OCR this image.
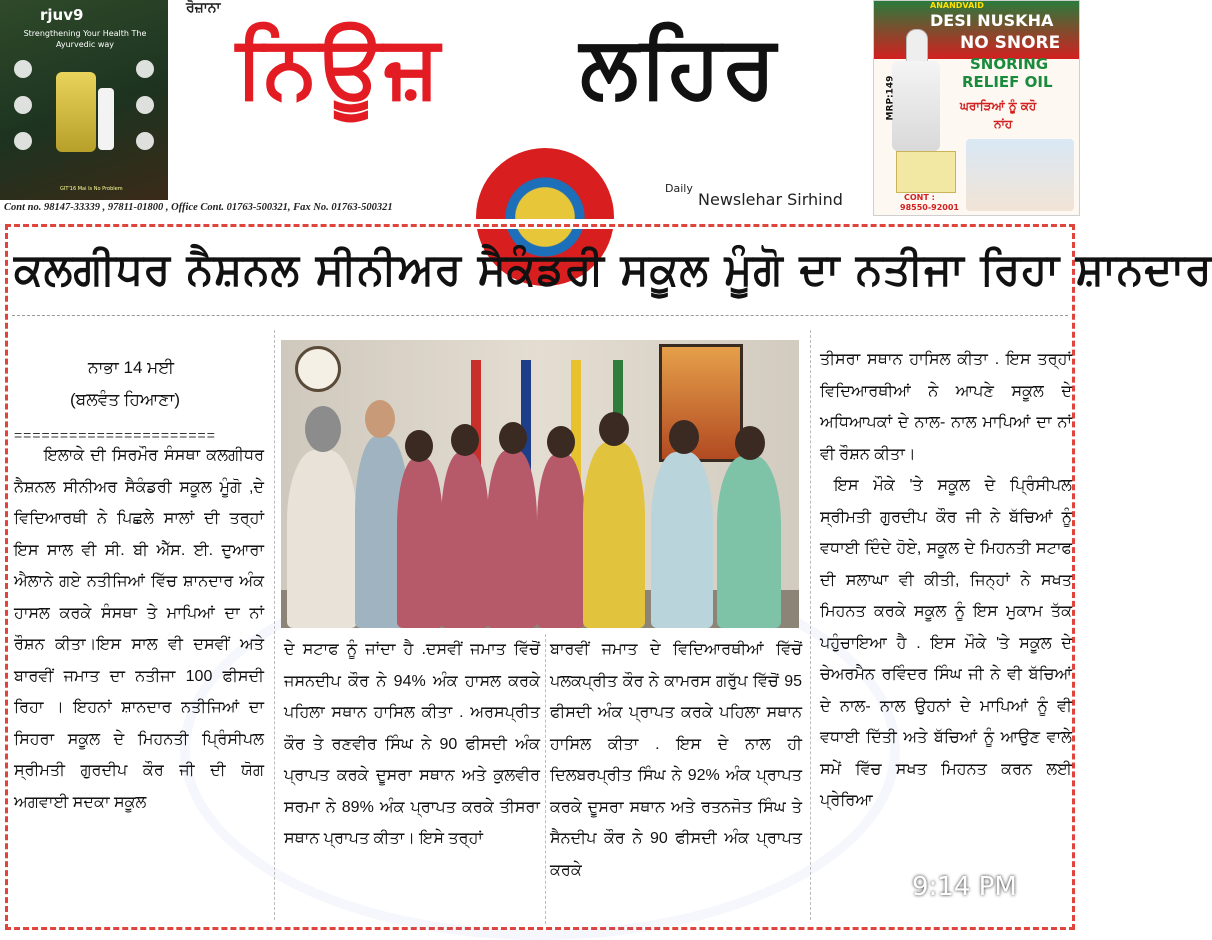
rjuv9
Strengthening Your Health The Ayurvedic way
GIT'16 Mai Is No Problem
ਰੋਜ਼ਾਨਾ
ਨਿਊਜ਼ ਲਹਿਰ
Cont no. 98147-33339 , 97811-01800 , Office Cont. 01763-500321, Fax No. 01763-500321
Daily
Newslehar Sirhind
ANANDVAID
DESI NUSKHA
NO SNORE
SNORING
RELIEF OIL
ਘਰਾੜਿਆਂ ਨੂੰ ਕਹੋ
ਨਾਂਹ
MRP:149
CONT :
98550-92001
ਕਲਗੀਧਰ ਨੈਸ਼ਨਲ ਸੀਨੀਅਰ ਸੈਕੰਡਰੀ ਸਕੂਲ ਮੂੰਗੋ ਦਾ ਨਤੀਜਾ ਰਿਹਾ ਸ਼ਾਨਦਾਰ
ਨਾਭਾ 14 ਮਈ
(ਬਲਵੰਤ ਹਿਆਣਾ)
======================

ਇਲਾਕੇ ਦੀ ਸਿਰਮੌਰ ਸੰਸਥਾ ਕਲਗੀਧਰ ਨੈਸ਼ਨਲ ਸੀਨੀਅਰ ਸੈਕੰਡਰੀ ਸਕੂਲ ਮੂੰਗੋ ,ਦੇ ਵਿਦਿਆਰਥੀ ਨੇ ਪਿਛਲੇ ਸਾਲਾਂ ਦੀ ਤਰ੍ਹਾਂ ਇਸ ਸਾਲ ਵੀ ਸੀ. ਬੀ ਐੱਸ. ਈ. ਦੁਆਰਾ ਐਲਾਨੇ ਗਏ ਨਤੀਜਿਆਂ ਵਿੱਚ ਸ਼ਾਨਦਾਰ ਅੰਕ ਹਾਸਲ ਕਰਕੇ ਸੰਸਥਾ ਤੇ ਮਾਪਿਆਂ ਦਾ ਨਾਂ ਰੌਸ਼ਨ ਕੀਤਾ।ਇਸ ਸਾਲ ਵੀ ਦਸਵੀਂ ਅਤੇ ਬਾਰਵੀਂ ਜਮਾਤ ਦਾ ਨਤੀਜਾ 100 ਫੀਸਦੀ ਰਿਹਾ । ਇਹਨਾਂ ਸ਼ਾਨਦਾਰ ਨਤੀਜਿਆਂ ਦਾ ਸਿਹਰਾ ਸਕੂਲ ਦੇ ਮਿਹਨਤੀ ਪ੍ਰਿੰਸੀਪਲ ਸ੍ਰੀਮਤੀ ਗੁਰਦੀਪ ਕੌਰ ਜੀ ਦੀ ਯੋਗ ਅਗਵਾਈ ਸਦਕਾ ਸਕੂਲ

ਦੇ ਸਟਾਫ ਨੂੰ ਜਾਂਦਾ ਹੈ .ਦਸਵੀਂ ਜਮਾਤ ਵਿੱਚੋਂ ਜਸਨਦੀਪ ਕੌਰ ਨੇ 94% ਅੰਕ ਹਾਸਲ ਕਰਕੇ ਪਹਿਲਾ ਸਥਾਨ ਹਾਸਿਲ ਕੀਤਾ . ਅਰਸਪ੍ਰੀਤ ਕੌਰ ਤੇ ਰਣਵੀਰ ਸਿੰਘ ਨੇ 90 ਫੀਸਦੀ ਅੰਕ ਪ੍ਰਾਪਤ ਕਰਕੇ ਦੂਸਰਾ ਸਥਾਨ ਅਤੇ ਕੁਲਵੀਰ ਸਰਮਾ ਨੇ 89% ਅੰਕ ਪ੍ਰਾਪਤ ਕਰਕੇ ਤੀਸਰਾ ਸਥਾਨ ਪ੍ਰਾਪਤ ਕੀਤਾ। ਇਸੇ ਤਰ੍ਹਾਂ

ਬਾਰਵੀਂ ਜਮਾਤ ਦੇ ਵਿਦਿਆਰਥੀਆਂ ਵਿੱਚੋਂ ਪਲਕਪ੍ਰੀਤ ਕੌਰ ਨੇ ਕਾਮਰਸ ਗਰੁੱਪ ਵਿੱਚੋਂ 95 ਫੀਸਦੀ ਅੰਕ ਪ੍ਰਾਪਤ ਕਰਕੇ ਪਹਿਲਾ ਸਥਾਨ ਹਾਸਿਲ ਕੀਤਾ . ਇਸ ਦੇ ਨਾਲ ਹੀ ਦਿਲਬਰਪ੍ਰੀਤ ਸਿੰਘ ਨੇ 92% ਅੰਕ ਪ੍ਰਾਪਤ ਕਰਕੇ ਦੂਸਰਾ ਸਥਾਨ ਅਤੇ ਰਤਨਜੋਤ ਸਿੰਘ ਤੇ ਸੈਨਦੀਪ ਕੌਰ ਨੇ 90 ਫੀਸਦੀ ਅੰਕ ਪ੍ਰਾਪਤ ਕਰਕੇ

ਤੀਸਰਾ ਸਥਾਨ ਹਾਸਿਲ ਕੀਤਾ . ਇਸ ਤਰ੍ਹਾਂ ਵਿਦਿਆਰਥੀਆਂ ਨੇ ਆਪਣੇ ਸਕੂਲ ਦੇ ਅਧਿਆਪਕਾਂ ਦੇ ਨਾਲ- ਨਾਲ ਮਾਪਿਆਂ ਦਾ ਨਾਂ ਵੀ ਰੌਸ਼ਨ ਕੀਤਾ।

ਇਸ ਮੌਕੇ 'ਤੇ ਸਕੂਲ ਦੇ ਪ੍ਰਿੰਸੀਪਲ ਸ੍ਰੀਮਤੀ ਗੁਰਦੀਪ ਕੌਰ ਜੀ ਨੇ ਬੱਚਿਆਂ ਨੂੰ ਵਧਾਈ ਦਿੰਦੇ ਹੋਏ, ਸਕੂਲ ਦੇ ਮਿਹਨਤੀ ਸਟਾਫ ਦੀ ਸਲਾਘਾ ਵੀ ਕੀਤੀ, ਜਿਨ੍ਹਾਂ ਨੇ ਸਖਤ ਮਿਹਨਤ ਕਰਕੇ ਸਕੂਲ ਨੂੰ ਇਸ ਮੁਕਾਮ ਤੱਕ ਪਹੁੰਚਾਇਆ ਹੈ . ਇਸ ਮੌਕੇ 'ਤੇ ਸਕੂਲ ਦੇ ਚੇਅਰਮੈਨ ਰਵਿੰਦਰ ਸਿੰਘ ਜੀ ਨੇ ਵੀ ਬੱਚਿਆਂ ਦੇ ਨਾਲ- ਨਾਲ ਉਹਨਾਂ ਦੇ ਮਾਪਿਆਂ ਨੂੰ ਵੀ ਵਧਾਈ ਦਿੱਤੀ ਅਤੇ ਬੱਚਿਆਂ ਨੂੰ ਆਉਣ ਵਾਲੇ ਸਮੇਂ ਵਿੱਚ ਸਖਤ ਮਿਹਨਤ ਕਰਨ ਲਈ ਪ੍ਰੇਰਿਆ

9:14 PM
